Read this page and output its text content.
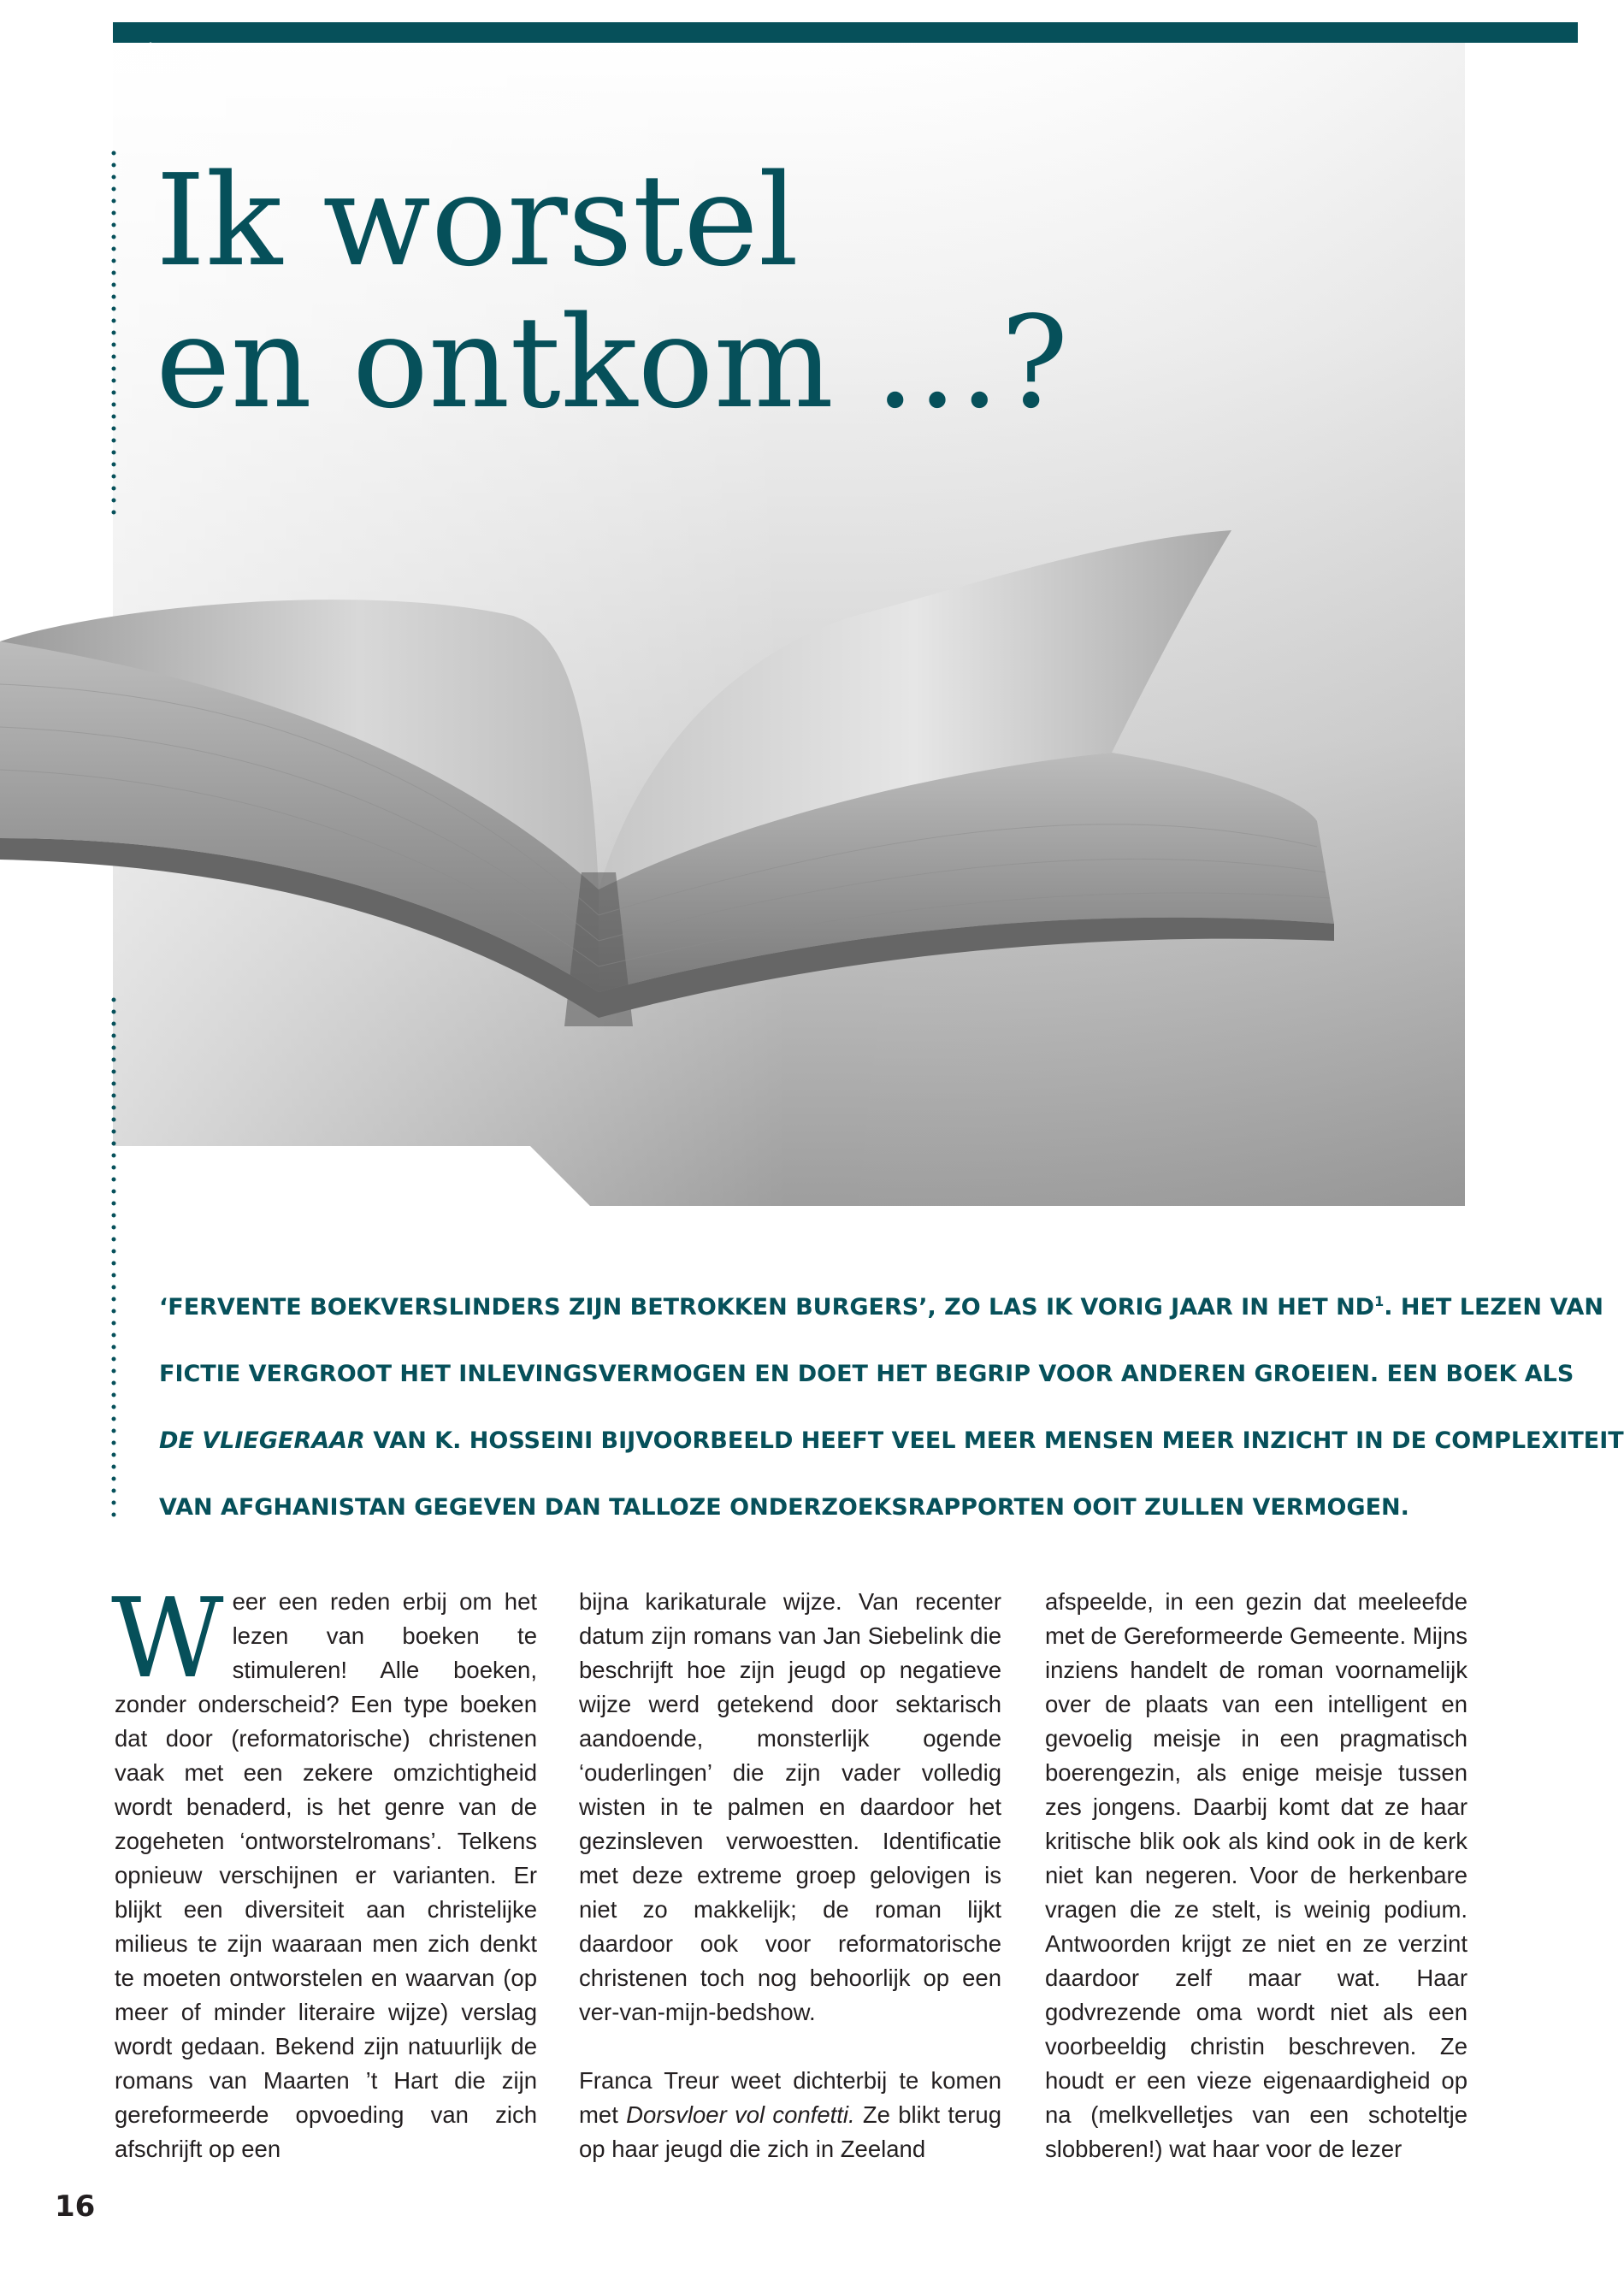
Ik worstel
en ontkom …?
‘FERVENTE BOEKVERSLINDERS ZIJN BETROKKEN BURGERS’, ZO LAS IK VORIG JAAR IN HET $ND^1$. HET LEZEN VAN
FICTIE VERGROOT HET INLEVINGSVERMOGEN EN DOET HET BEGRIP VOOR ANDEREN GROEIEN. EEN BOEK ALS
DE VLIEGERAAR VAN K. HOSSEINI BIJVOORBEELD HEEFT VEEL MEER MENSEN MEER INZICHT IN DE COMPLEXITEIT
VAN AFGHANISTAN GEGEVEN DAN TALLOZE ONDERZOEKSRAPPORTEN OOIT ZULLEN VERMOGEN.

Weer een reden erbij om het lezen van boeken te stimuleren! Alle boeken, zonder onderscheid? Een type boeken dat door (reformatorische) christenen vaak met een zekere omzichtigheid wordt benaderd, is het genre van de zogeheten ‘ontworstelromans’. Telkens opnieuw verschijnen er varianten. Er blijkt een diversiteit aan christelijke milieus te zijn waaraan men zich denkt te moeten ontworstelen en waarvan (op meer of minder literaire wijze) verslag wordt gedaan. Bekend zijn natuurlijk de romans van Maarten ’t Hart die zijn gereformeerde opvoeding van zich afschrijft op een

bijna karikaturale wijze. Van recenter datum zijn romans van Jan Siebelink die beschrijft hoe zijn jeugd op negatieve wijze werd getekend door sektarisch aandoende, monsterlijk ogende ‘ouderlingen’ die zijn vader volledig wisten in te palmen en daardoor het gezinsleven verwoestten. Identificatie met deze extreme groep gelovigen is niet zo makkelijk; de roman lijkt daardoor ook voor reformatorische christenen toch nog behoorlijk op een ver-van-mijn-bedshow.

Franca Treur weet dichterbij te komen met Dorsvloer vol confetti. Ze blikt terug op haar jeugd die zich in Zeeland

afspeelde, in een gezin dat meeleefde met de Gereformeerde Gemeente. Mijns inziens handelt de roman voornamelijk over de plaats van een intelligent en gevoelig meisje in een pragmatisch boerengezin, als enige meisje tussen zes jongens. Daarbij komt dat ze haar kritische blik ook als kind ook in de kerk niet kan negeren. Voor de herkenbare vragen die ze stelt, is weinig podium. Antwoorden krijgt ze niet en ze verzint daardoor zelf maar wat. Haar godvrezende oma wordt niet als een voorbeeldig christin beschreven. Ze houdt er een vieze eigenaardigheid op na (melkvelletjes van een schoteltje slobberen!) wat haar voor de lezer

16
